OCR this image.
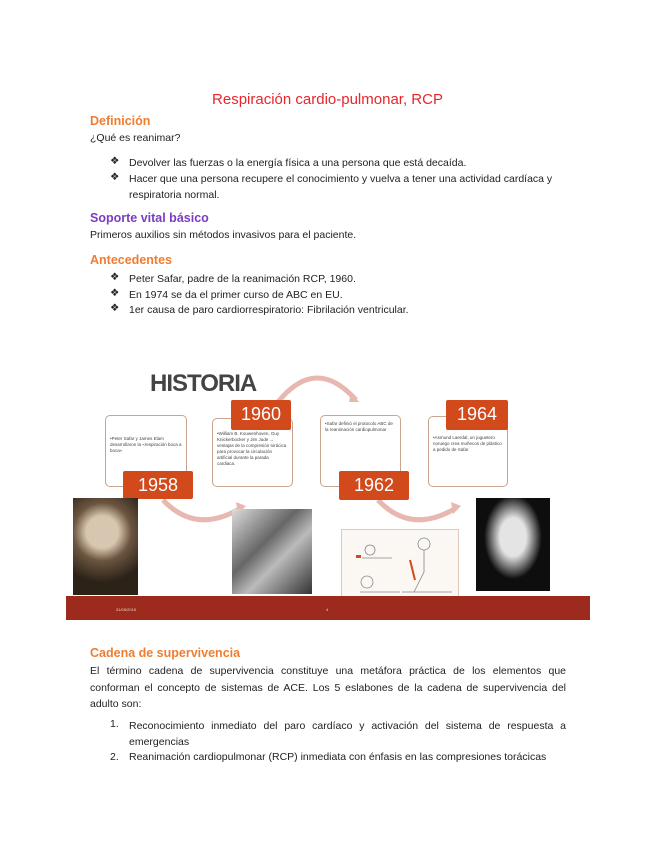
Respiración cardio-pulmonar, RCP
Definición
¿Qué es reanimar?
❖ Devolver las fuerzas o la energía física a una persona que está decaída.
❖ Hacer que una persona recupere el conocimiento y vuelva a tener una actividad cardíaca y respiratoria normal.
Soporte vital básico
Primeros auxilios sin métodos invasivos para el paciente.
Antecedentes
❖ Peter Safar, padre de la reanimación RCP, 1960.
❖ En 1974 se da el primer curso de ABC en EU.
❖ 1er causa de paro cardiorrespiratorio: Fibrilación ventricular.
HISTORIA
•Peter Safar y James Elam desarrollaron la «respiración boca a boca»
•William B. Kouwenhoven, Guy Knickerbocker y Jim Jude → ventajas de la compresión torácica para provocar la circulación artificial durante la parada cardiaca.
•Safar definió el protocolo ABC de la reanimación cardiopulmonar
•Asmund Laerdal, un juguetero noruego crea muñecos de plástico a pedido de Safar
1958
1960
1962
1964
31/05/2015	4
Cadena de supervivencia
El término cadena de supervivencia constituye una metáfora práctica de los elementos que conforman el concepto de sistemas de ACE. Los 5 eslabones de la cadena de supervivencia del adulto son:
1. Reconocimiento inmediato del paro cardíaco y activación del sistema de respuesta a emergencias
2. Reanimación cardiopulmonar (RCP) inmediata con énfasis en las compresiones torácicas
